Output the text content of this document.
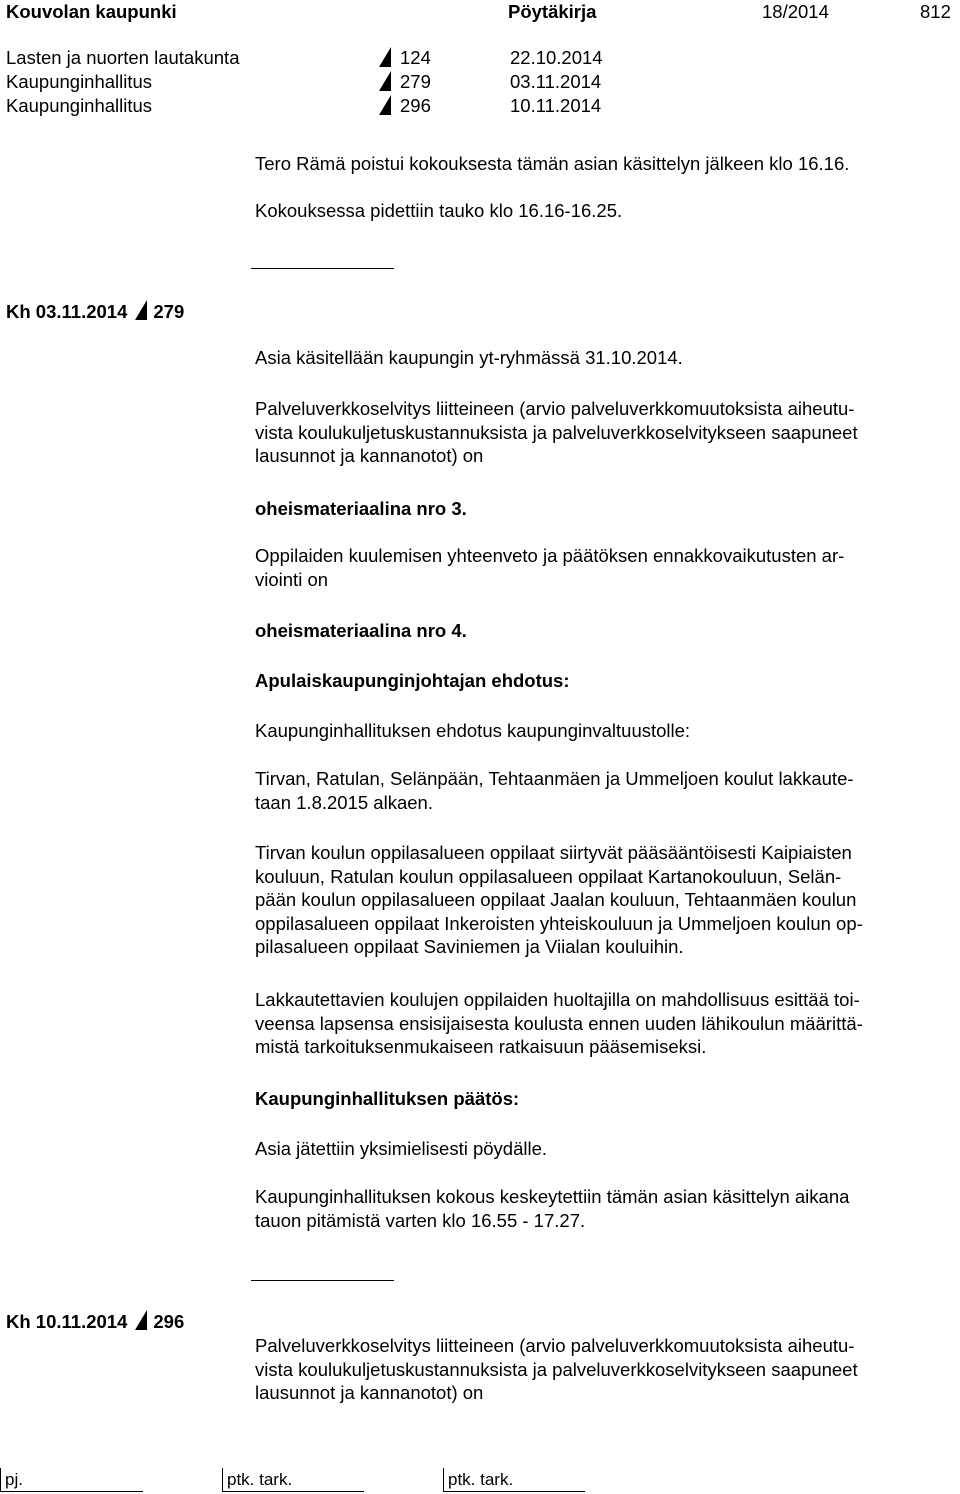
Kouvolan kaupunki	Pöytäkirja	18/2014	812
Lasten ja nuorten lautakunta	124	22.10.2014
Kaupunginhallitus	279	03.11.2014
Kaupunginhallitus	296	10.11.2014
Tero Rämä poistui kokouksesta tämän asian käsittelyn jälkeen klo 16.16.
Kokouksessa pidettiin tauko klo 16.16-16.25.
Kh 03.11.2014 279
Asia käsitellään kaupungin yt-ryhmässä 31.10.2014.
Palveluverkkoselvitys liitteineen (arvio palveluverkkomuutoksista aiheutu-
vista koulukuljetuskustannuksista ja palveluverkkoselvitykseen saapuneet
lausunnot ja kannanotot) on
oheismateriaalina nro 3.
Oppilaiden kuulemisen yhteenveto ja päätöksen ennakkovaikutusten ar-
viointi on
oheismateriaalina nro 4.
Apulaiskaupunginjohtajan ehdotus:
Kaupunginhallituksen ehdotus kaupunginvaltuustolle:
Tirvan, Ratulan, Selänpään, Tehtaanmäen ja Ummeljoen koulut lakkaute-
taan 1.8.2015 alkaen.
Tirvan koulun oppilasalueen oppilaat siirtyvät pääsääntöisesti Kaipiaisten
kouluun, Ratulan koulun oppilasalueen oppilaat Kartanokouluun, Selän-
pään koulun oppilasalueen oppilaat Jaalan kouluun, Tehtaanmäen koulun
oppilasalueen oppilaat Inkeroisten yhteiskouluun ja Ummeljoen koulun op-
pilasalueen oppilaat Saviniemen ja Viialan kouluihin.
Lakkautettavien koulujen oppilaiden huoltajilla on mahdollisuus esittää toi-
veensa lapsensa ensisijaisesta koulusta ennen uuden lähikoulun määrittä-
mistä tarkoituksenmukaiseen ratkaisuun pääsemiseksi.
Kaupunginhallituksen päätös:
Asia jätettiin yksimielisesti pöydälle.
Kaupunginhallituksen kokous keskeytettiin tämän asian käsittelyn aikana
tauon pitämistä varten klo 16.55 - 17.27.
Kh 10.11.2014 296
Palveluverkkoselvitys liitteineen (arvio palveluverkkomuutoksista aiheutu-
vista koulukuljetuskustannuksista ja palveluverkkoselvitykseen saapuneet
lausunnot ja kannanotot) on
pj.	ptk. tark.	ptk. tark.
